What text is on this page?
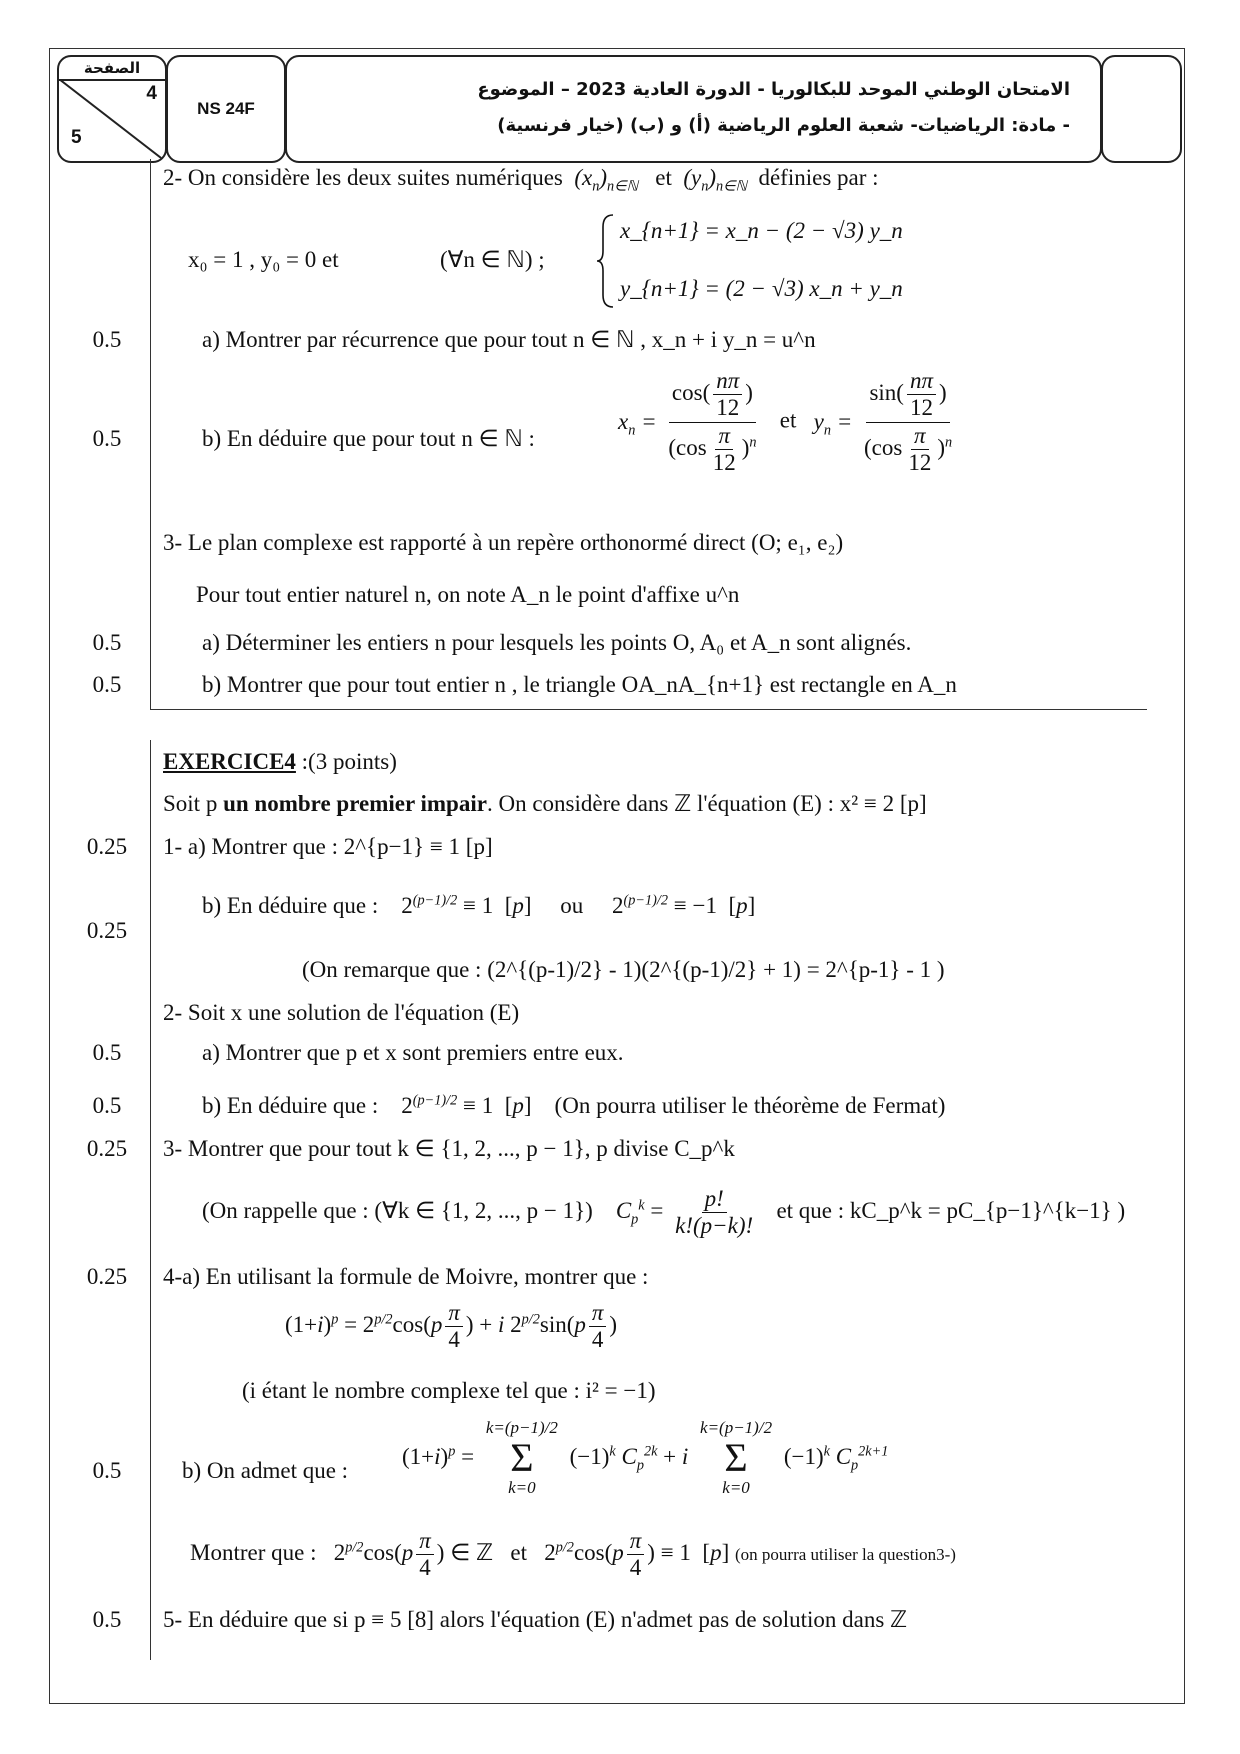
الصفحة
4
5
NS 24F
الامتحان الوطني الموحد للبكالوريا - الدورة العادية 2023 – الموضوع
- مادة: الرياضيات- شعبة العلوم الرياضية (أ) و (ب) (خيار فرنسية)
0.5
0.5
0.5
0.5
0.25
0.25
0.5
0.5
0.25
0.25
0.5
0.5
2- On considère les deux suites numériques  $(x_n)_{n\in ℕ}$   et  $(y_n)_{n\in ℕ}$ définies par :
x₀ = 1 , y₀ = 0 et	(∀n ∈ ℕ) ;
x_{n+1} = x_n − (2 − √3) y_n
y_{n+1} = (2 − √3) x_n + y_n
a) Montrer par récurrence que pour tout n ∈ ℕ , x_n + i y_n = u^n
b) En déduire que pour tout n ∈ ℕ :
$x_n = \frac{\cos( \frac{n\pi}{12} )}{(\cos \frac{\pi}{12} )^n}$ et   $y_n = \frac{\sin( \frac{n\pi}{12} )}{(\cos \frac{\pi}{12} )^n}$
3- Le plan complexe est rapporté à un repère orthonormé direct (O; e₁, e₂)
Pour tout entier naturel n, on note A_n le point d'affixe u^n
a) Déterminer les entiers n pour lesquels les points O, A₀ et A_n sont alignés.
b) Montrer que pour tout entier n , le triangle OA_nA_{n+1} est rectangle en A_n
EXERCICE4 :(3 points)
Soit p un nombre premier impair. On considère dans ℤ l'équation (E) : x² ≡ 2 [p]
1- a) Montrer que : 2^{p−1} ≡ 1 [p]
b) En déduire que :    $2^{(p-1)/2} \equiv 1$  [p]     ou     $2^{(p-1)/2} \equiv -1$  [p]
(On remarque que : (2^{(p-1)/2} - 1)(2^{(p-1)/2} + 1) = 2^{p-1} - 1 )
2- Soit x une solution de l'équation (E)
a) Montrer que p et x sont premiers entre eux.
b) En déduire que :    $2^{(p-1)/2} \equiv 1$  [p]    (On pourra utiliser le théorème de Fermat)
3- Montrer que pour tout k ∈ {1, 2, ..., p − 1}, p divise C_p^k
(On rappelle que : (∀k ∈ {1, 2, ..., p − 1}) $C_p^k = \frac{p!}{k!(p-k)!}$ et que : kC_p^k = pC_{p−1}^{k−1} )
4-a) En utilisant la formule de Moivre, montrer que :
$(1+i)^p = 2^{p/2}\cos(p \frac{\pi}{4}$ ) + i $2^{p/2}\sin(p \frac{\pi}{4}$ )
(i étant le nombre complexe tel que : i² = −1)
b) On admet que :
$(1+i)^p$ =
k=(p−1)/2
Σ
k=0
$(-1)^k$ $C_p^{2k} + i$
k=(p−1)/2
Σ
k=0
$(-1)^k$ $C_p^{2k+1}$
Montrer que :   $2^{p/2}\cos(p \frac{\pi}{4}$ ) ∈ ℤ   et   $2^{p/2}\cos(p \frac{\pi}{4}$ ) ≡ 1  [p] (on pourra utiliser la question3-)
5- En déduire que si p ≡ 5 [8] alors l'équation (E) n'admet pas de solution dans ℤ
